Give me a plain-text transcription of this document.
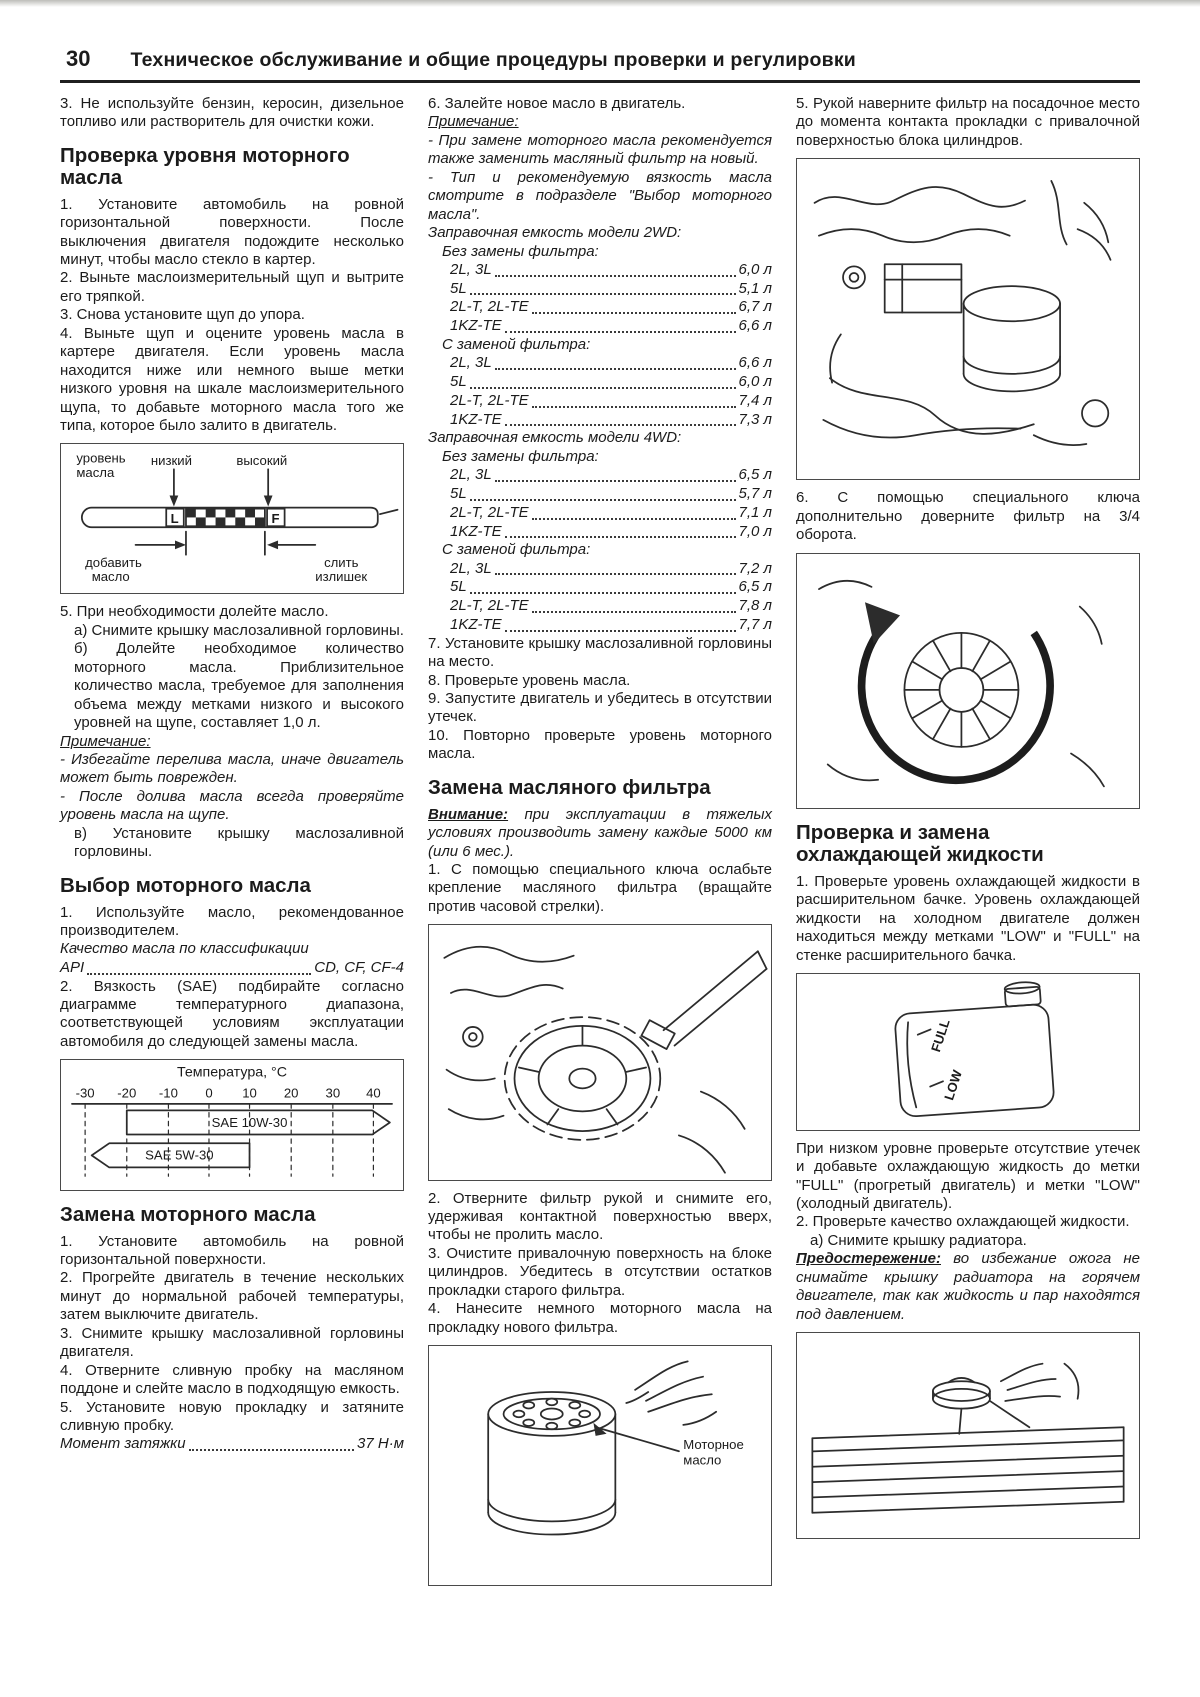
30 Техническое обслуживание и общие процедуры проверки и регулировки

3. Не используйте бензин, керосин, дизельное топливо или растворитель для очистки кожи.

Проверка уровня моторного масла

1. Установите автомобиль на ровной горизонтальной поверхности. После выключения двигателя подождите несколько минут, чтобы масло стекло в картер.

2. Выньте маслоизмерительный щуп и вытрите его тряпкой.

3. Снова установите щуп до упора.

4. Выньте щуп и оцените уровень масла в картере двигателя. Если уровень масла находится ниже или немного выше метки низкого уровня на шкале маслоизмерительного щупа, то добавьте моторного масла того же типа, которое было залито в двигатель.

уровень
масла
низкий	высокий
L	F
добавить
масло
слить
излишек

5. При необходимости долейте масло.

а) Снимите крышку маслозаливной горловины.

б) Долейте необходимое количество моторного масла. Приблизительное количество масла, требуемое для заполнения объема между метками низкого и высокого уровней на щупе, составляет 1,0 л.

Примечание:

- Избегайте перелива масла, иначе двигатель может быть поврежден.

- После долива масла всегда проверяйте уровень масла на щупе.

в) Установите крышку маслозаливной горловины.

Выбор моторного масла

1. Используйте масло, рекомендованное производителем.

Качество масла по классификации

API	CD, CF, CF-4

2. Вязкость (SAE) подбирайте согласно диаграмме температурного диапазона, соответствующей условиям эксплуатации автомобиля до следующей замены масла.

Температура, °С
-30 -20 -10 0 10 20 30 40
SAE 10W-30
SAE 5W-30
Замена моторного масла

1. Установите автомобиль на ровной горизонтальной поверхности.

2. Прогрейте двигатель в течение нескольких минут до нормальной рабочей температуры, затем выключите двигатель.

3. Снимите крышку маслозаливной горловины двигателя.

4. Отверните сливную пробку на масляном поддоне и слейте масло в подходящую емкость.

5. Установите новую прокладку и затяните сливную пробку.

Момент затяжки	37 Н·м

6. Залейте новое масло в двигатель.

Примечание:

- При замене моторного масла рекомендуется также заменить масляный фильтр на новый.

- Тип и рекомендуемую вязкость масла смотрите в подразделе "Выбор моторного масла".

Заправочная емкость модели 2WD:

Без замены фильтра:

2L, 3L	6,0 л
5L	5,1 л
2L-T, 2L-TE	6,7 л
1KZ-TE	6,6 л

С заменой фильтра:

2L, 3L	6,6 л
5L	6,0 л
2L-T, 2L-TE	7,4 л
1KZ-TE	7,3 л

Заправочная емкость модели 4WD:

Без замены фильтра:

2L, 3L	6,5 л
5L	5,7 л
2L-T, 2L-TE	7,1 л
1KZ-TE	7,0 л

С заменой фильтра:

2L, 3L	7,2 л
5L	6,5 л
2L-T, 2L-TE	7,8 л
1KZ-TE	7,7 л

7. Установите крышку маслозаливной горловины на место.

8. Проверьте уровень масла.

9. Запустите двигатель и убедитесь в отсутствии утечек.

10. Повторно проверьте уровень моторного масла.

Замена масляного фильтра

Внимание: при эксплуатации в тяжелых условиях производить замену каждые 5000 км (или 6 мес.).

1. С помощью специального ключа ослабьте крепление масляного фильтра (вращайте против часовой стрелки).

2. Отверните фильтр рукой и снимите его, удерживая контактной поверхностью вверх, чтобы не пролить масло.

3. Очистите привалочную поверхность на блоке цилиндров. Убедитесь в отсутствии остатков прокладки старого фильтра.

4. Нанесите немного моторного масла на прокладку нового фильтра.

Моторное
масло

5. Рукой наверните фильтр на посадочное место до момента контакта прокладки с привалочной поверхностью блока цилиндров.

6. С помощью специального ключа дополнительно доверните фильтр на 3/4 оборота.

Проверка и замена охлаждающей жидкости

1. Проверьте уровень охлаждающей жидкости в расширительном бачке. Уровень охлаждающей жидкости на холодном двигателе должен находиться между метками "LOW" и "FULL" на стенке расширительного бачка.

FULL
LOW

При низком уровне проверьте отсутствие утечек и добавьте охлаждающую жидкость до метки "FULL" (прогретый двигатель) и метки "LOW" (холодный двигатель).

2. Проверьте качество охлаждающей жидкости.

а) Снимите крышку радиатора.

Предостережение: во избежание ожога не снимайте крышку радиатора на горячем двигателе, так как жидкость и пар находятся под давлением.
